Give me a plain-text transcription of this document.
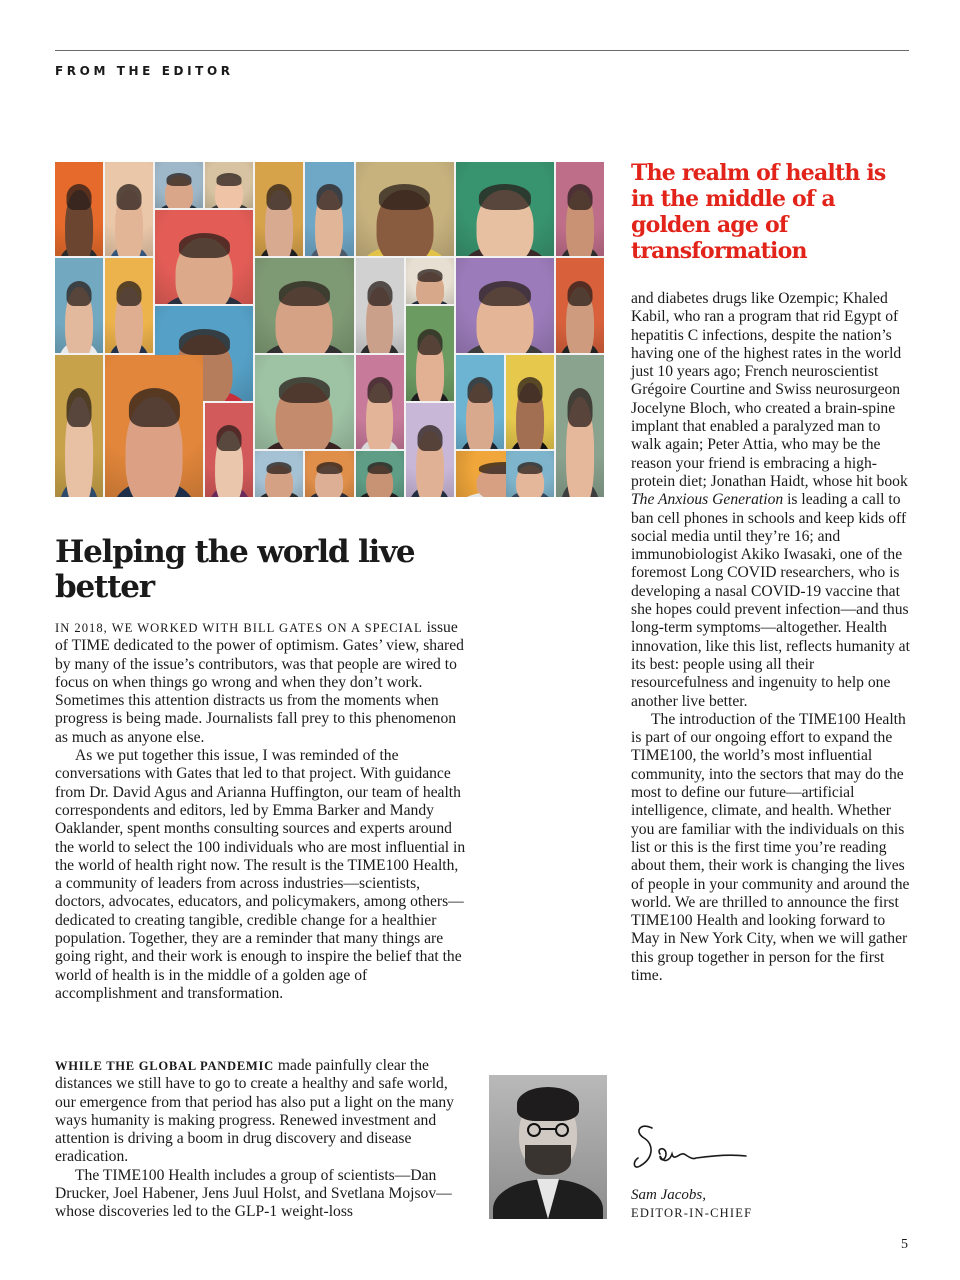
FROM THE EDITOR
The realm of health is in the middle of a golden age of transformation
Helping the world live better

IN 2018, WE WORKED WITH BILL GATES ON A SPECIAL issue of TIME dedicated to the power of optimism. Gates’ view, shared by many of the issue’s contributors, was that people are wired to focus on when things go wrong and when they don’t work. Sometimes this attention distracts us from the moments when progress is being made. Journalists fall prey to this phenomenon as much as anyone else.

As we put together this issue, I was reminded of the conversations with Gates that led to that project. With guidance from Dr. David Agus and Arianna Huffington, our team of health correspondents and editors, led by Emma Barker and Mandy Oaklander, spent months consulting sources and experts around the world to select the 100 individuals who are most influential in the world of health right now. The result is the TIME100 Health, a community of leaders from across industries—scientists, doctors, advocates, educators, and policymakers, among others—dedicated to creating tangible, credible change for a healthier population. Together, they are a reminder that many things are going right, and their work is enough to inspire the belief that the world of health is in the middle of a golden age of accomplishment and transformation.

WHILE THE GLOBAL PANDEMIC made painfully clear the distances we still have to go to create a healthy and safe world, our emergence from that period has also put a light on the many ways humanity is making progress. Renewed investment and attention is driving a boom in drug discovery and disease eradication.

The TIME100 Health includes a group of scientists—Dan Drucker, Joel Habener, Jens Juul Holst, and Svetlana Mojsov—whose discoveries led to the GLP-1 weight-loss

and diabetes drugs like Ozempic; Khaled Kabil, who ran a program that rid Egypt of hepatitis C infections, despite the nation’s having one of the highest rates in the world just 10 years ago; French neuroscientist Grégoire Courtine and Swiss neurosurgeon Jocelyne Bloch, who created a brain-spine implant that enabled a paralyzed man to walk again; Peter Attia, who may be the reason your friend is embracing a high-protein diet; Jonathan Haidt, whose hit book The Anxious Generation is leading a call to ban cell phones in schools and keep kids off social media until they’re 16; and immunobiologist Akiko Iwasaki, one of the foremost Long COVID researchers, who is developing a nasal COVID-19 vaccine that she hopes could prevent infection—and thus long-term symptoms—altogether. Health innovation, like this list, reflects humanity at its best: people using all their resourcefulness and ingenuity to help one another live better.

The introduction of the TIME100 Health is part of our ongoing effort to expand the TIME100, the world’s most influential community, into the sectors that may do the most to define our future—artificial intelligence, climate, and health. Whether you are familiar with the individuals on this list or this is the first time you’re reading about them, their work is changing the lives of people in your community and around the world. We are thrilled to announce the first TIME100 Health and looking forward to May in New York City, when we will gather this group together in person for the first time.

Sam Jacobs,
EDITOR-IN-CHIEF
5
